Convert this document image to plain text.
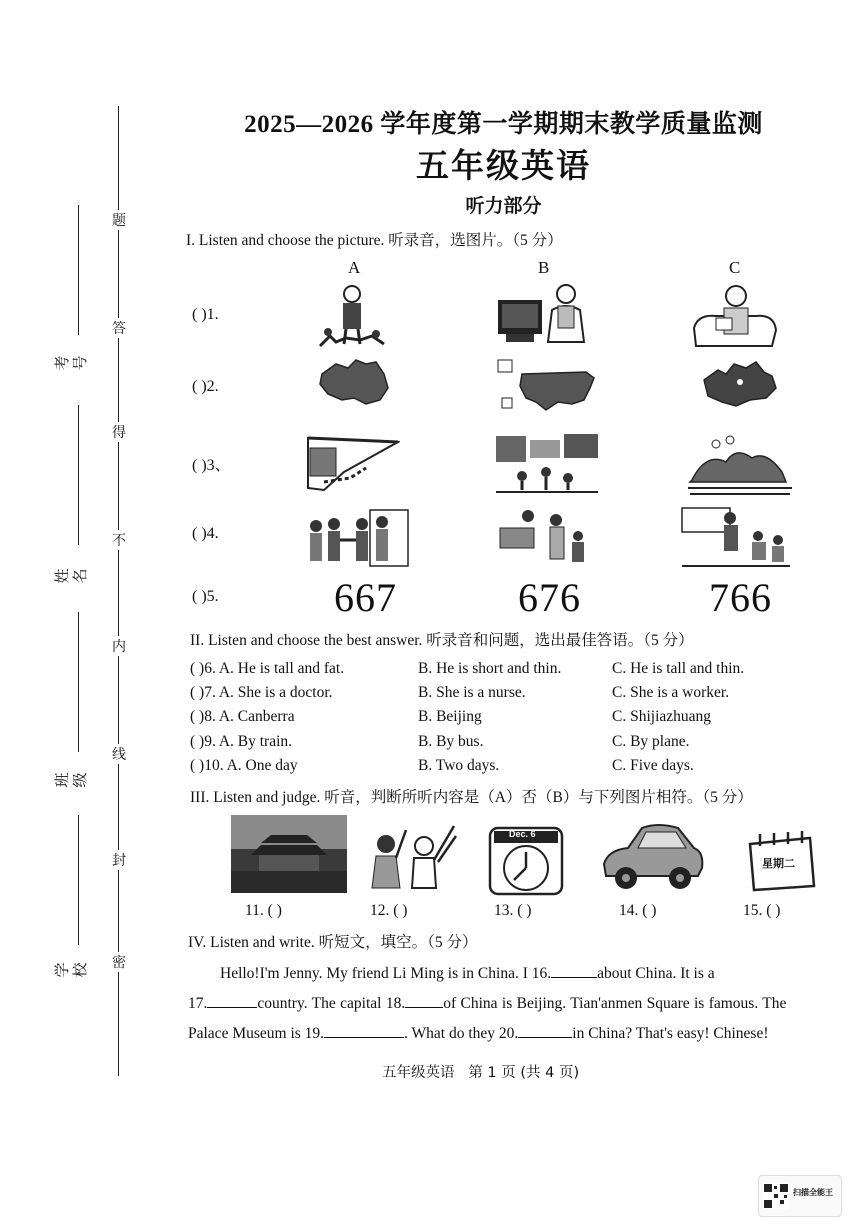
题
答
得
不
内
线
封
密
考号
姓名
班级
学校
2025—2026 学年度第一学期期末教学质量监测
五年级英语
听力部分
I. Listen and choose the picture. 听录音，选图片。（5 分）
A	B	C
( )1.
( )2.
( )3、
( )4.
( )5.	667	676	766
II. Listen and choose the best answer. 听录音和问题，选出最佳答语。（5 分）
( )6. A. He is tall and fat.	B. He is short and thin.	C. He is tall and thin.
( )7. A. She is a doctor.	B. She is a nurse.	C. She is a worker.
( )8. A. Canberra	B. Beijing	C. Shijiazhuang
( )9. A. By train.	B. By bus.	C. By plane.
( )10. A. One day	B. Two days.	C. Five days.
III. Listen and judge. 听音，判断所听内容是（A）否（B）与下列图片相符。（5 分）
Dec. 6
星期二
11. ( )	12. ( )	13. ( )	14. ( )	15. ( )
IV. Listen and write. 听短文，填空。（5 分）
Hello!I'm Jenny. My friend Li Ming is in China. I 16.	about China. It is a
17.	country. The capital 18. of China is Beijing. Tian'anmen Square is famous. The
Palace Museum is 19.	. What do they 20.	in China? That's easy! Chinese!
五年级英语   第 1 页 (共 4 页)
扫描全能王
